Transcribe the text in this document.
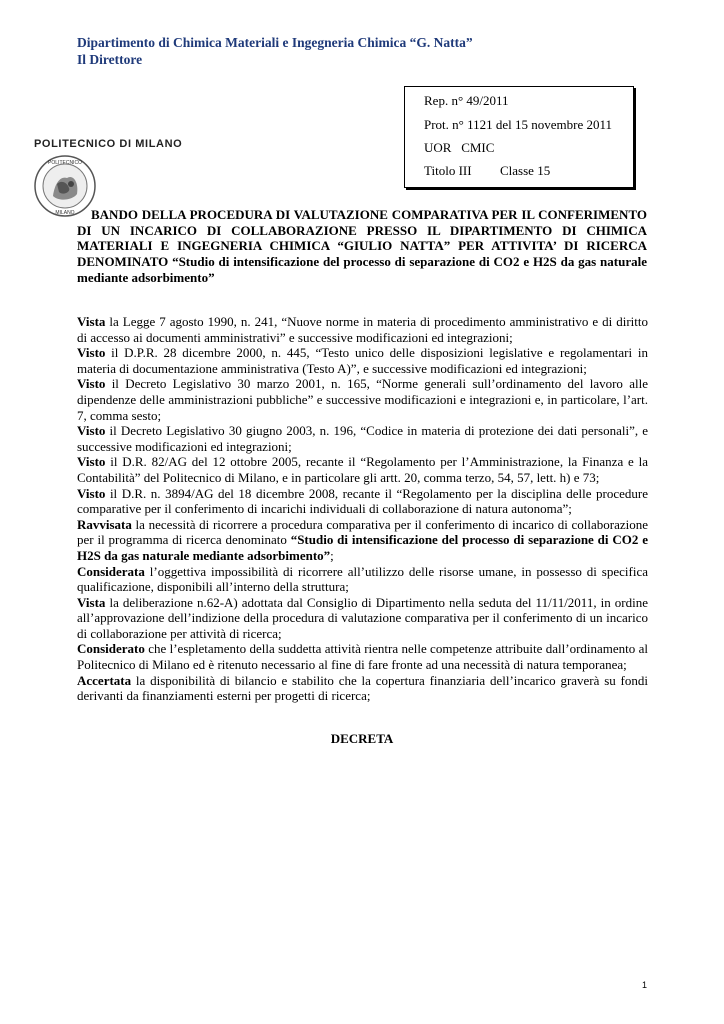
Dipartimento di Chimica Materiali e Ingegneria Chimica “G. Natta”
Il Direttore
Rep. n° 49/2011
Prot. n° 1121 del 15 novembre 2011
UOR   CMIC
Titolo III Classe 15
POLITECNICO DI MILANO
POLITECNICO
MILANO	BANDO DELLA PROCEDURA DI VALUTAZIONE COMPARATIVA PER IL CONFERIMENTO DI UN INCARICO DI COLLABORAZIONE PRESSO IL DIPARTIMENTO DI CHIMICA MATERIALI E INGEGNERIA CHIMICA “GIULIO NATTA” PER ATTIVITA’ DI RICERCA DENOMINATO “Studio di intensificazione del processo di separazione di CO2 e H2S da gas naturale mediante adsorbimento”

Vista la Legge 7 agosto 1990, n. 241, “Nuove norme in materia di procedimento amministrativo e di diritto di accesso ai documenti amministrativi” e successive modificazioni ed integrazioni;

Visto il D.P.R. 28 dicembre 2000, n. 445, “Testo unico delle disposizioni legislative e regolamentari in materia di documentazione amministrativa (Testo A)”, e successive modificazioni ed integrazioni;

Visto il Decreto Legislativo 30 marzo 2001, n. 165, “Norme generali sull’ordinamento del lavoro alle dipendenze delle amministrazioni pubbliche” e successive modificazioni e integrazioni e, in particolare, l’art. 7, comma sesto;

Visto il Decreto Legislativo 30 giugno 2003, n. 196, “Codice in materia di protezione dei dati personali”, e successive modificazioni ed integrazioni;

Visto il D.R. 82/AG del 12 ottobre 2005, recante il “Regolamento per l’Amministrazione, la Finanza e la Contabilità” del Politecnico di Milano, e in particolare gli artt. 20, comma terzo, 54, 57, lett. h) e 73;

Visto il D.R. n. 3894/AG del 18 dicembre 2008, recante il “Regolamento per la disciplina delle procedure comparative per il conferimento di incarichi individuali di collaborazione di natura autonoma”;

Ravvisata la necessità di ricorrere a procedura comparativa per il conferimento di incarico di collaborazione per il programma di ricerca denominato “Studio di intensificazione del processo di separazione di CO2 e H2S da gas naturale mediante adsorbimento”;

Considerata l’oggettiva impossibilità di ricorrere all’utilizzo delle risorse umane, in possesso di specifica qualificazione, disponibili all’interno della struttura;

Vista la deliberazione n.62-A) adottata dal Consiglio di Dipartimento nella seduta del 11/11/2011, in ordine all’approvazione dell’indizione della procedura di valutazione comparativa per il conferimento di un incarico di collaborazione per attività di ricerca;

Considerato che l’espletamento della suddetta attività rientra nelle competenze attribuite dall’ordinamento al Politecnico di Milano ed è ritenuto necessario al fine di fare fronte ad una necessità di natura temporanea;

Accertata la disponibilità di bilancio e stabilito che la copertura finanziaria dell’incarico graverà su fondi derivanti da finanziamenti esterni per progetti di ricerca;

DECRETA
1
